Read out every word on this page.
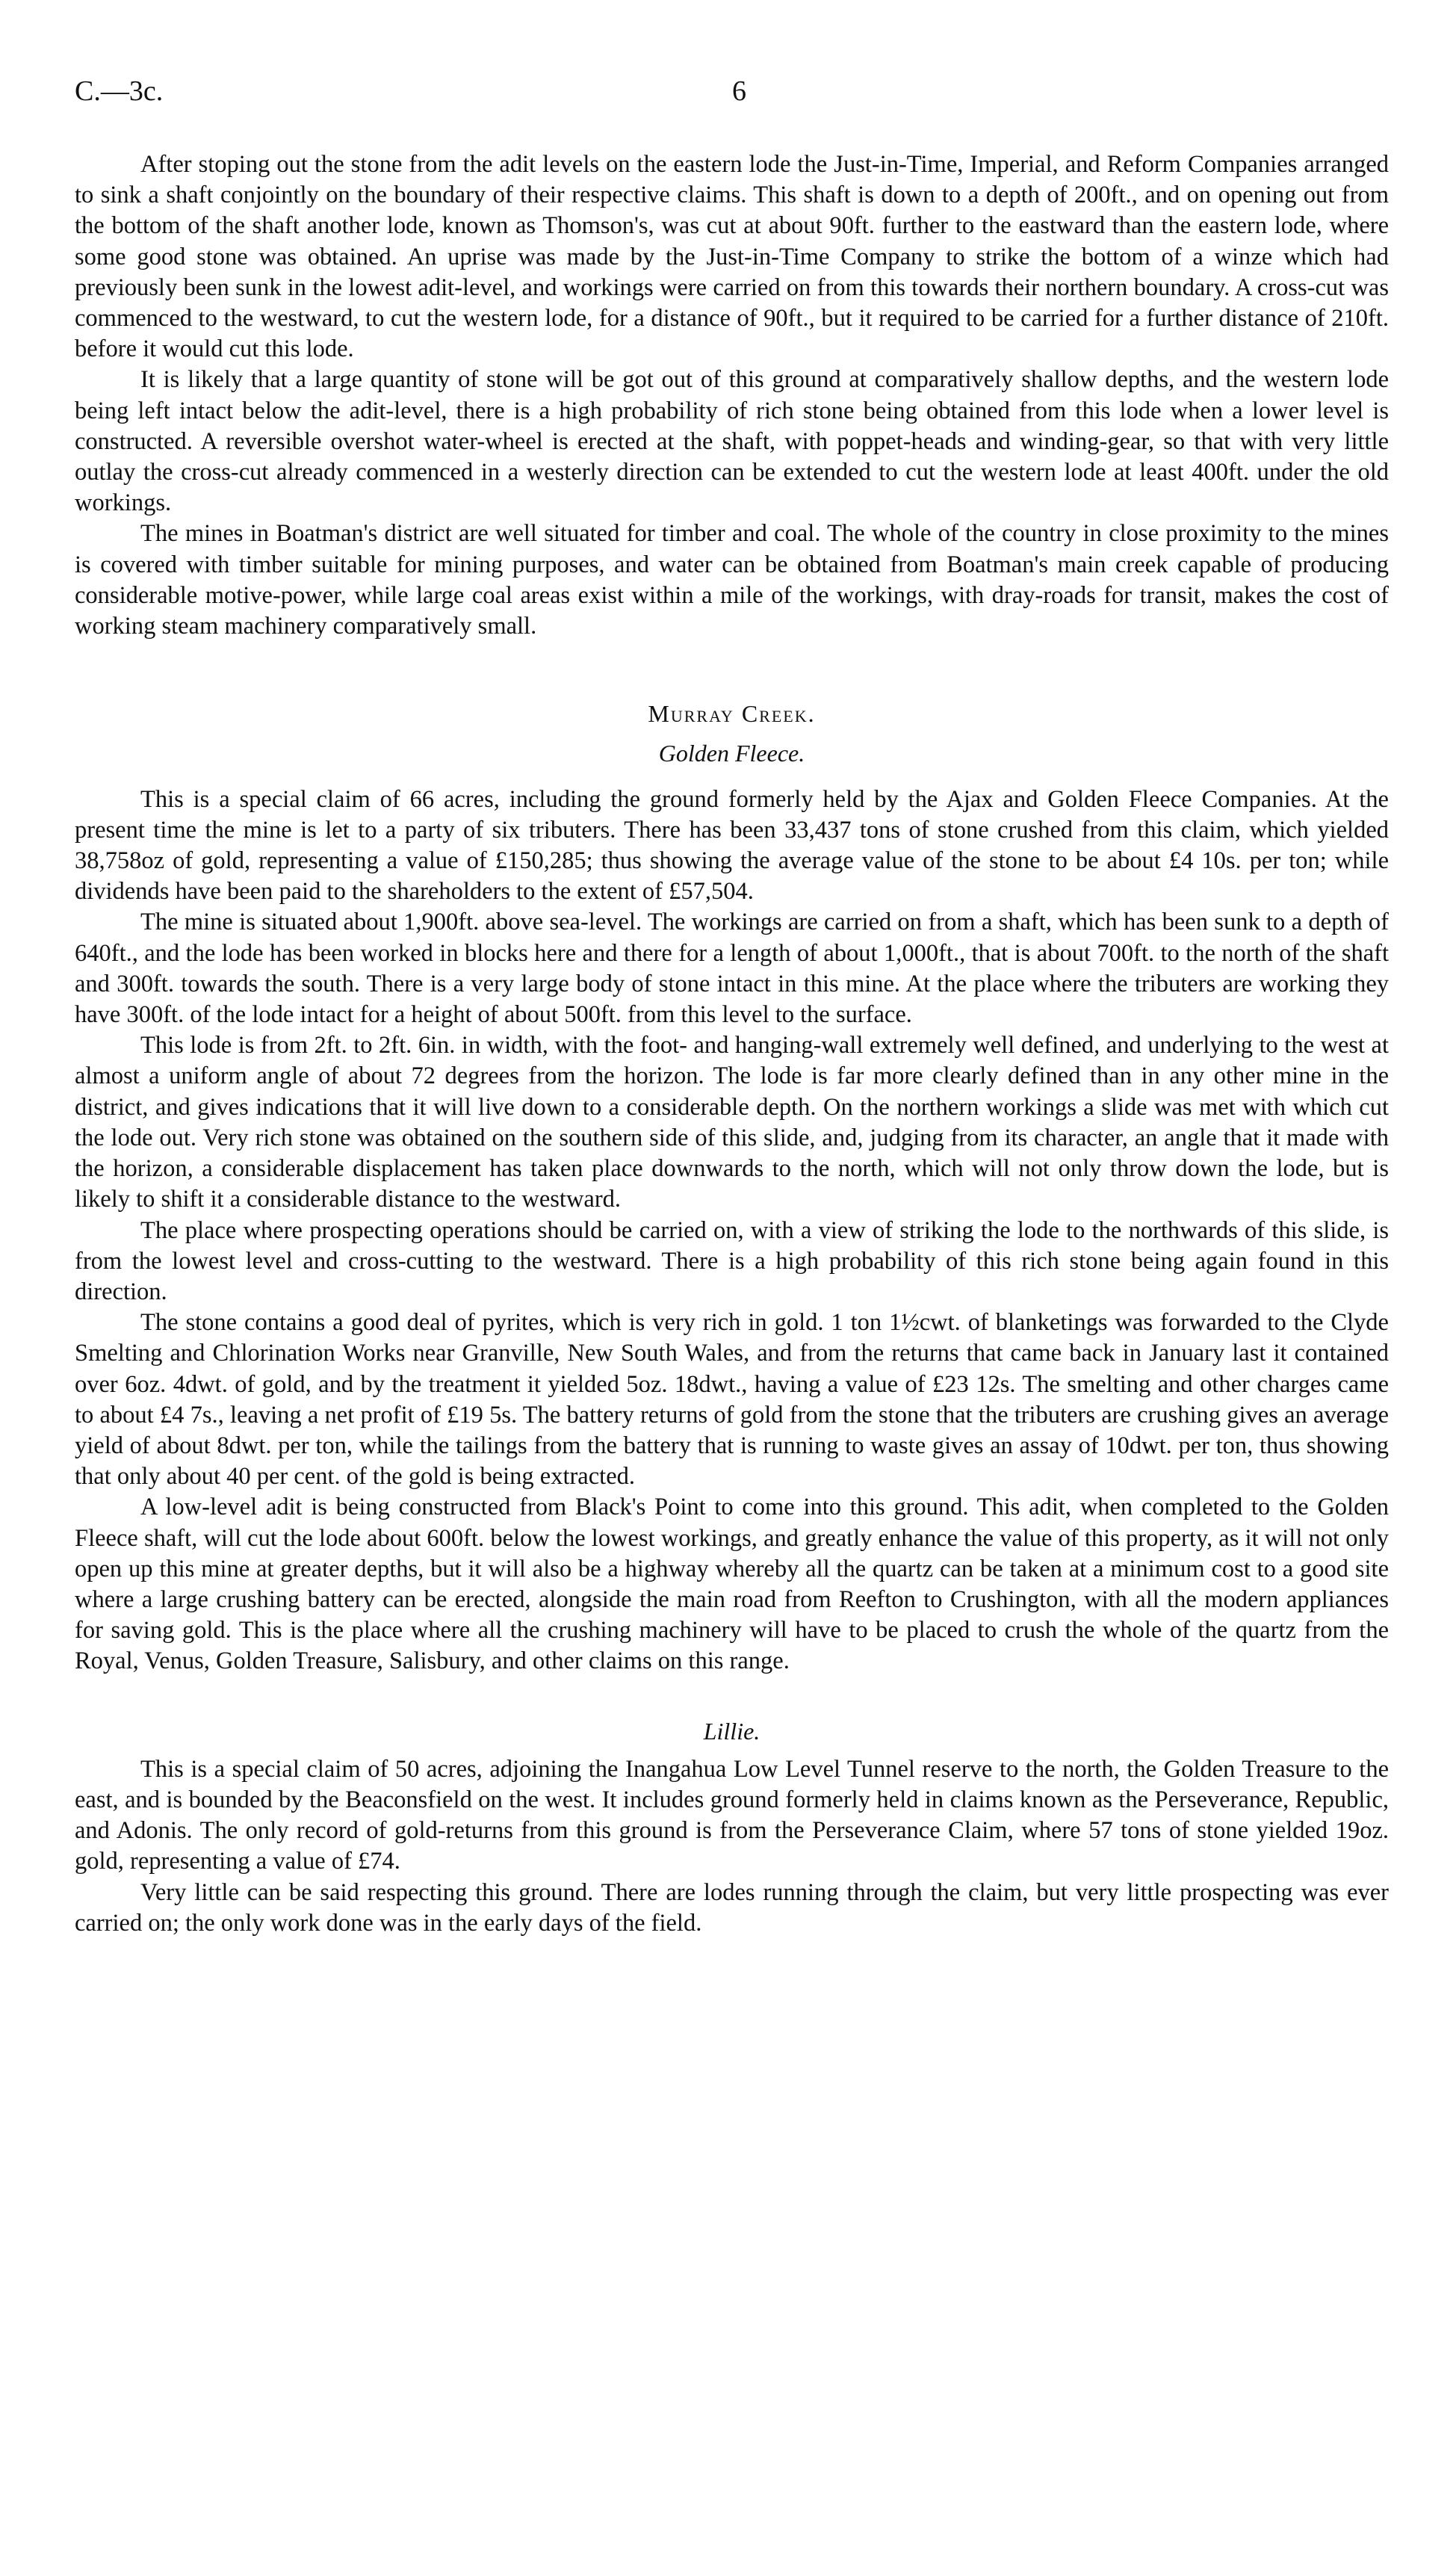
C.—3c.	6

After stoping out the stone from the adit levels on the eastern lode the Just-in-Time, Imperial, and Reform Companies arranged to sink a shaft conjointly on the boundary of their respective claims. This shaft is down to a depth of 200ft., and on opening out from the bottom of the shaft another lode, known as Thomson's, was cut at about 90ft. further to the eastward than the eastern lode, where some good stone was obtained. An uprise was made by the Just-in-Time Company to strike the bottom of a winze which had previously been sunk in the lowest adit-level, and workings were carried on from this towards their northern boundary. A cross-cut was commenced to the westward, to cut the western lode, for a distance of 90ft., but it required to be carried for a further distance of 210ft. before it would cut this lode.

It is likely that a large quantity of stone will be got out of this ground at comparatively shallow depths, and the western lode being left intact below the adit-level, there is a high probability of rich stone being obtained from this lode when a lower level is constructed. A reversible overshot water-wheel is erected at the shaft, with poppet-heads and winding-gear, so that with very little outlay the cross-cut already commenced in a westerly direction can be extended to cut the western lode at least 400ft. under the old workings.

The mines in Boatman's district are well situated for timber and coal. The whole of the country in close proximity to the mines is covered with timber suitable for mining purposes, and water can be obtained from Boatman's main creek capable of producing considerable motive-power, while large coal areas exist within a mile of the workings, with dray-roads for transit, makes the cost of working steam machinery comparatively small.

Murray Creek.
Golden Fleece.

This is a special claim of 66 acres, including the ground formerly held by the Ajax and Golden Fleece Companies. At the present time the mine is let to a party of six tributers. There has been 33,437 tons of stone crushed from this claim, which yielded 38,758oz of gold, representing a value of £150,285; thus showing the average value of the stone to be about £4 10s. per ton; while dividends have been paid to the shareholders to the extent of £57,504.

The mine is situated about 1,900ft. above sea-level. The workings are carried on from a shaft, which has been sunk to a depth of 640ft., and the lode has been worked in blocks here and there for a length of about 1,000ft., that is about 700ft. to the north of the shaft and 300ft. towards the south. There is a very large body of stone intact in this mine. At the place where the tributers are working they have 300ft. of the lode intact for a height of about 500ft. from this level to the surface.

This lode is from 2ft. to 2ft. 6in. in width, with the foot- and hanging-wall extremely well defined, and underlying to the west at almost a uniform angle of about 72 degrees from the horizon. The lode is far more clearly defined than in any other mine in the district, and gives indications that it will live down to a considerable depth. On the northern workings a slide was met with which cut the lode out. Very rich stone was obtained on the southern side of this slide, and, judging from its character, an angle that it made with the horizon, a considerable displacement has taken place downwards to the north, which will not only throw down the lode, but is likely to shift it a considerable distance to the westward.

The place where prospecting operations should be carried on, with a view of striking the lode to the northwards of this slide, is from the lowest level and cross-cutting to the westward. There is a high probability of this rich stone being again found in this direction.

The stone contains a good deal of pyrites, which is very rich in gold. 1 ton 1½cwt. of blanketings was forwarded to the Clyde Smelting and Chlorination Works near Granville, New South Wales, and from the returns that came back in January last it contained over 6oz. 4dwt. of gold, and by the treatment it yielded 5oz. 18dwt., having a value of £23 12s. The smelting and other charges came to about £4 7s., leaving a net profit of £19 5s. The battery returns of gold from the stone that the tributers are crushing gives an average yield of about 8dwt. per ton, while the tailings from the battery that is running to waste gives an assay of 10dwt. per ton, thus showing that only about 40 per cent. of the gold is being extracted.

A low-level adit is being constructed from Black's Point to come into this ground. This adit, when completed to the Golden Fleece shaft, will cut the lode about 600ft. below the lowest workings, and greatly enhance the value of this property, as it will not only open up this mine at greater depths, but it will also be a highway whereby all the quartz can be taken at a minimum cost to a good site where a large crushing battery can be erected, alongside the main road from Reefton to Crushington, with all the modern appliances for saving gold. This is the place where all the crushing machinery will have to be placed to crush the whole of the quartz from the Royal, Venus, Golden Treasure, Salisbury, and other claims on this range.

Lillie.

This is a special claim of 50 acres, adjoining the Inangahua Low Level Tunnel reserve to the north, the Golden Treasure to the east, and is bounded by the Beaconsfield on the west. It includes ground formerly held in claims known as the Perseverance, Republic, and Adonis. The only record of gold-returns from this ground is from the Perseverance Claim, where 57 tons of stone yielded 19oz. gold, representing a value of £74.

Very little can be said respecting this ground. There are lodes running through the claim, but very little prospecting was ever carried on; the only work done was in the early days of the field.
